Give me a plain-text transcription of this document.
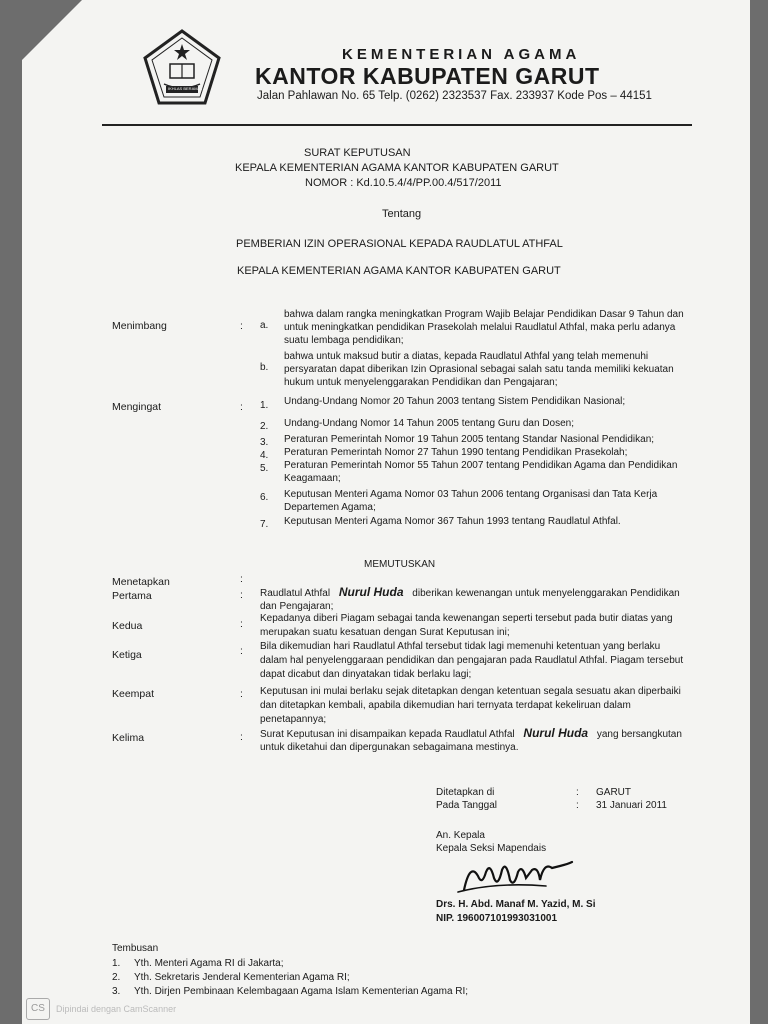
IKHLAS BERAMAL
KEMENTERIAN AGAMA
KANTOR KABUPATEN GARUT
Jalan Pahlawan No. 65 Telp. (0262) 2323537 Fax. 233937 Kode Pos – 44151
SURAT KEPUTUSAN
KEPALA KEMENTERIAN AGAMA KANTOR KABUPATEN GARUT
NOMOR : Kd.10.5.4/4/PP.00.4/517/2011
Tentang
PEMBERIAN IZIN OPERASIONAL KEPADA RAUDLATUL ATHFAL
KEPALA KEMENTERIAN AGAMA KANTOR KABUPATEN GARUT
Menimbang	: a.
bahwa dalam rangka meningkatkan Program Wajib Belajar Pendidikan Dasar 9 Tahun dan
untuk meningkatkan pendidikan Prasekolah melalui Raudlatul Athfal, maka perlu adanya
suatu lembaga pendidikan;
b.
bahwa untuk maksud butir a diatas, kepada Raudlatul Athfal yang telah memenuhi
persyaratan dapat diberikan Izin Oprasional sebagai salah satu tanda memiliki kekuatan
hukum untuk menyelenggarakan Pendidikan dan Pengajaran;
Mengingat	: 1. Undang-Undang Nomor 20 Tahun 2003 tentang Sistem Pendidikan Nasional;
2. Undang-Undang Nomor 14 Tahun 2005 tentang Guru dan Dosen;
3. Peraturan Pemerintah Nomor 19 Tahun 2005 tentang Standar Nasional Pendidikan;
4. Peraturan Pemerintah Nomor 27 Tahun 1990 tentang Pendidikan Prasekolah;
5. Peraturan Pemerintah Nomor 55 Tahun 2007 tentang Pendidikan Agama dan Pendidikan
Keagamaan;
6. Keputusan Menteri Agama Nomor 03 Tahun 2006 tentang Organisasi dan Tata Kerja
Departemen Agama;
7. Keputusan Menteri Agama Nomor 367 Tahun 1993 tentang Raudlatul Athfal.
MEMUTUSKAN
Menetapkan	:
Pertama	: Raudlatul Athfal Nurul Huda diberikan kewenangan untuk menyelenggarakan Pendidikan
dan Pengajaran;
Kedua	: Kepadanya diberi Piagam sebagai tanda kewenangan seperti tersebut pada butir diatas yang
merupakan suatu kesatuan dengan Surat Keputusan ini;
Ketiga	: Bila dikemudian hari Raudlatul Athfal tersebut tidak lagi memenuhi ketentuan yang berlaku
dalam hal penyelenggaraan pendidikan dan pengajaran pada Raudlatul Athfal. Piagam tersebut
dapat dicabut dan dinyatakan tidak berlaku lagi;
Keempat	: Keputusan ini mulai berlaku sejak ditetapkan dengan ketentuan segala sesuatu akan diperbaiki
dan ditetapkan kembali, apabila dikemudian hari ternyata terdapat kekeliruan dalam
penetapannya;
Kelima	: Surat Keputusan ini disampaikan kepada Raudlatul Athfal Nurul Huda yang bersangkutan
untuk diketahui dan dipergunakan sebagaimana mestinya.
Ditetapkan di	: GARUT
Pada Tanggal	: 31 Januari 2011
An. Kepala
Kepala Seksi Mapendais
Drs. H. Abd. Manaf M. Yazid, M. Si
NIP. 196007101993031001
Tembusan
1. Yth. Menteri Agama RI di Jakarta;
2. Yth. Sekretaris Jenderal Kementerian Agama RI;
3. Yth. Dirjen Pembinaan Kelembagaan Agama Islam Kementerian Agama RI;
CS	Dipindai dengan CamScanner
